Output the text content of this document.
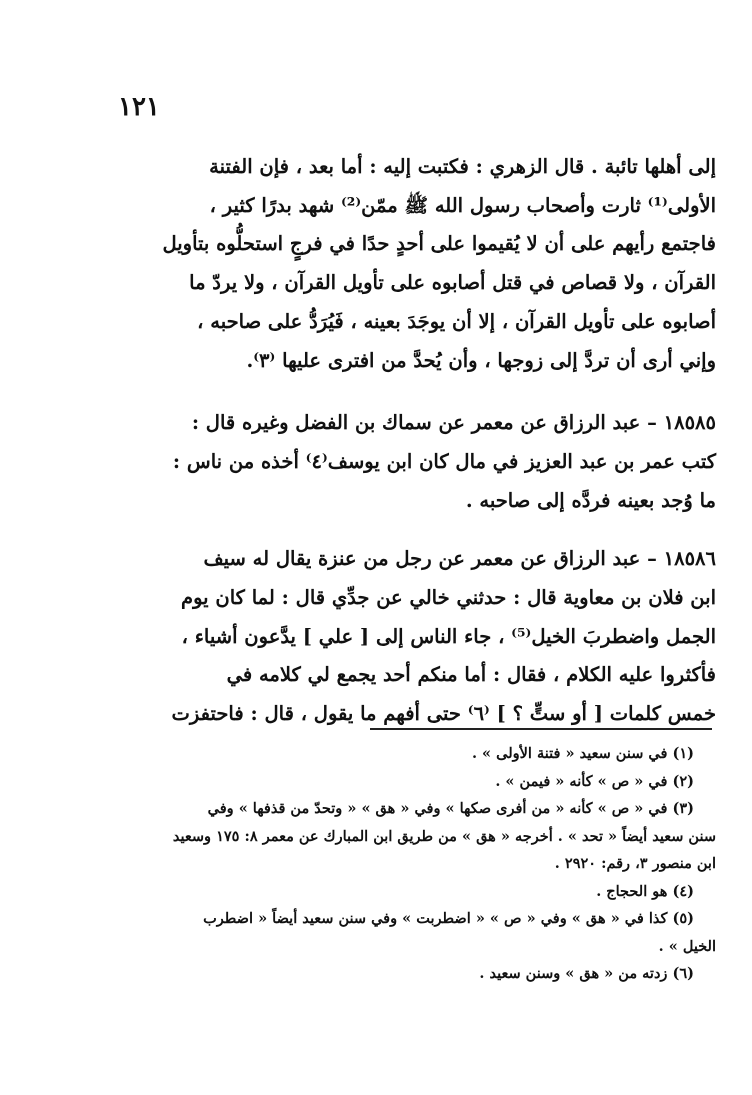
١٢١

إلى أهلها تائبة . قال الزهري : فكتبت إليه : أما بعد ، فإن الفتنة

الأولى⁽¹⁾ ثارت وأصحاب رسول الله ﷺ ممّن⁽²⁾ شهد بدرًا كثير ،

فاجتمع رأيهم على أن لا يُقيموا على أحدٍ حدًا في فرجٍ استحلُّوه بتأويل

القرآن ، ولا قصاص في قتل أصابوه على تأويل القرآن ، ولا يردّ ما

أصابوه على تأويل القرآن ، إلا أن يوجَدَ بعينه ، فَيُرَدُّ على صاحبه ،

وإني أرى أن تردَّ إلى زوجها ، وأن يُحدَّ من افترى عليها ⁽٣⁾.

١٨٥٨٥ – عبد الرزاق عن معمر عن سماك بن الفضل وغيره قال :

كتب عمر بن عبد العزيز في مال كان ابن يوسف⁽٤⁾ أخذه من ناس :

ما وُجد بعينه فردَّه إلى صاحبه .

١٨٥٨٦ – عبد الرزاق عن معمر عن رجل من عنزة يقال له سيف

ابن فلان بن معاوية قال : حدثني خالي عن جدِّي قال : لما كان يوم

الجمل واضطربَ الخيل⁽⁵⁾ ، جاء الناس إلى [ علي ] يدَّعون أشياء ،

فأكثروا عليه الكلام ، فقال : أما منكم أحد يجمع لي كلامه في

خمس كلمات [ أو ستٍّ ؟ ] ⁽٦⁾ حتى أفهم ما يقول ، قال : فاحتفزت

(١) في سنن سعيد « فتنة الأولى » .

(٢) في « ص » كأنه « فيمن » .

(٣) في « ص » كأنه « من أفرى صكها » وفي « هق » « وتحدّ من قذفها » وفي

سنن سعيد أيضاً « تحد » . أخرجه « هق » من طريق ابن المبارك عن معمر ٨: ١٧٥ وسعيد

ابن منصور ٣، رقم: ٢٩٢٠ .

(٤) هو الحجاج .

(٥) كذا في « هق » وفي « ص » « اضطربت » وفي سنن سعيد أيضاً « اضطرب

الخيل » .

(٦) زدته من « هق » وسنن سعيد .
